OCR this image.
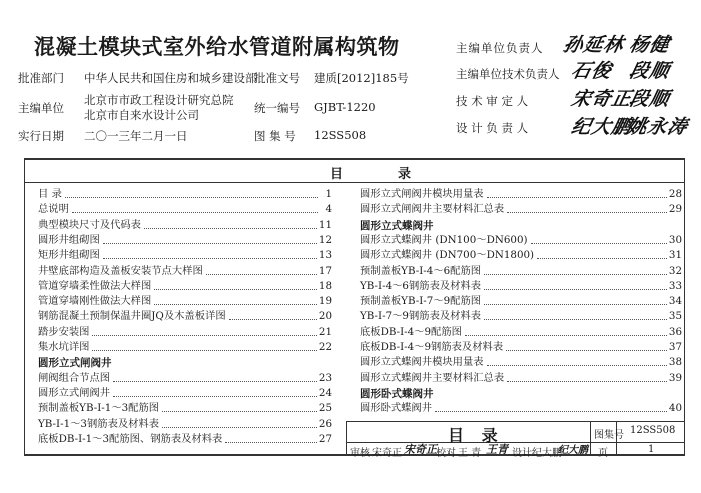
混凝土模块式室外给水管道附属构筑物
批准部门 中华人民共和国住房和城乡建设部
批准文号 建质[2012]185号
主编单位
北京市市政工程设计研究总院
北京市自来水设计公司	统一编号 GJBT-1220
实行日期 二〇一三年二月一日	图 集 号 12SS508
主编单位负责人 孙延林 杨健
主编单位技术负责人 石俊 段顺
技 术 审 定 人 宋奇正
段顺
设 计 负 责 人 纪大鹏
姚永涛
目	录
目 录	1
总说明	4
典型模块尺寸及代码表	11
圆形井组砌图	12
矩形井组砌图	13
井壁底部构造及盖板安装节点大样图	17
管道穿墙柔性做法大样图	18
管道穿墙刚性做法大样图	19
钢筋混凝土预制保温井圈JQ及木盖板详图	20
踏步安装图	21
集水坑详图	22
圆形立式闸阀井
闸阀组合节点图	23
圆形立式闸阀井	24
预制盖板YB-Ⅰ-1～3配筋图	25
YB-Ⅰ-1～3钢筋表及材料表	26
底板DB-Ⅰ-1～3配筋图、钢筋表及材料表	27
圆形立式闸阀井模块用量表	28
圆形立式闸阀井主要材料汇总表	29
圆形立式蝶阀井
圆形立式蝶阀井 (DN100～DN600)	30
圆形立式蝶阀井 (DN700～DN1800)	31
预制盖板YB-Ⅰ-4～6配筋图	32
YB-Ⅰ-4～6钢筋表及材料表	33
预制盖板YB-Ⅰ-7～9配筋图	34
YB-Ⅰ-7～9钢筋表及材料表	35
底板DB-Ⅰ-4～9配筋图	36
底板DB-Ⅰ-4～9钢筋表及材料表	37
圆形立式蝶阀井模块用量表	38
圆形立式蝶阀井主要材料汇总表	39
圆形卧式蝶阀井
圆形卧式蝶阀井	40
目 录	图集号 12SS508
审核 宋奇正 宋奇正 校对 王 青 王青 设计 纪大鹏
纪大鹏 页	1
